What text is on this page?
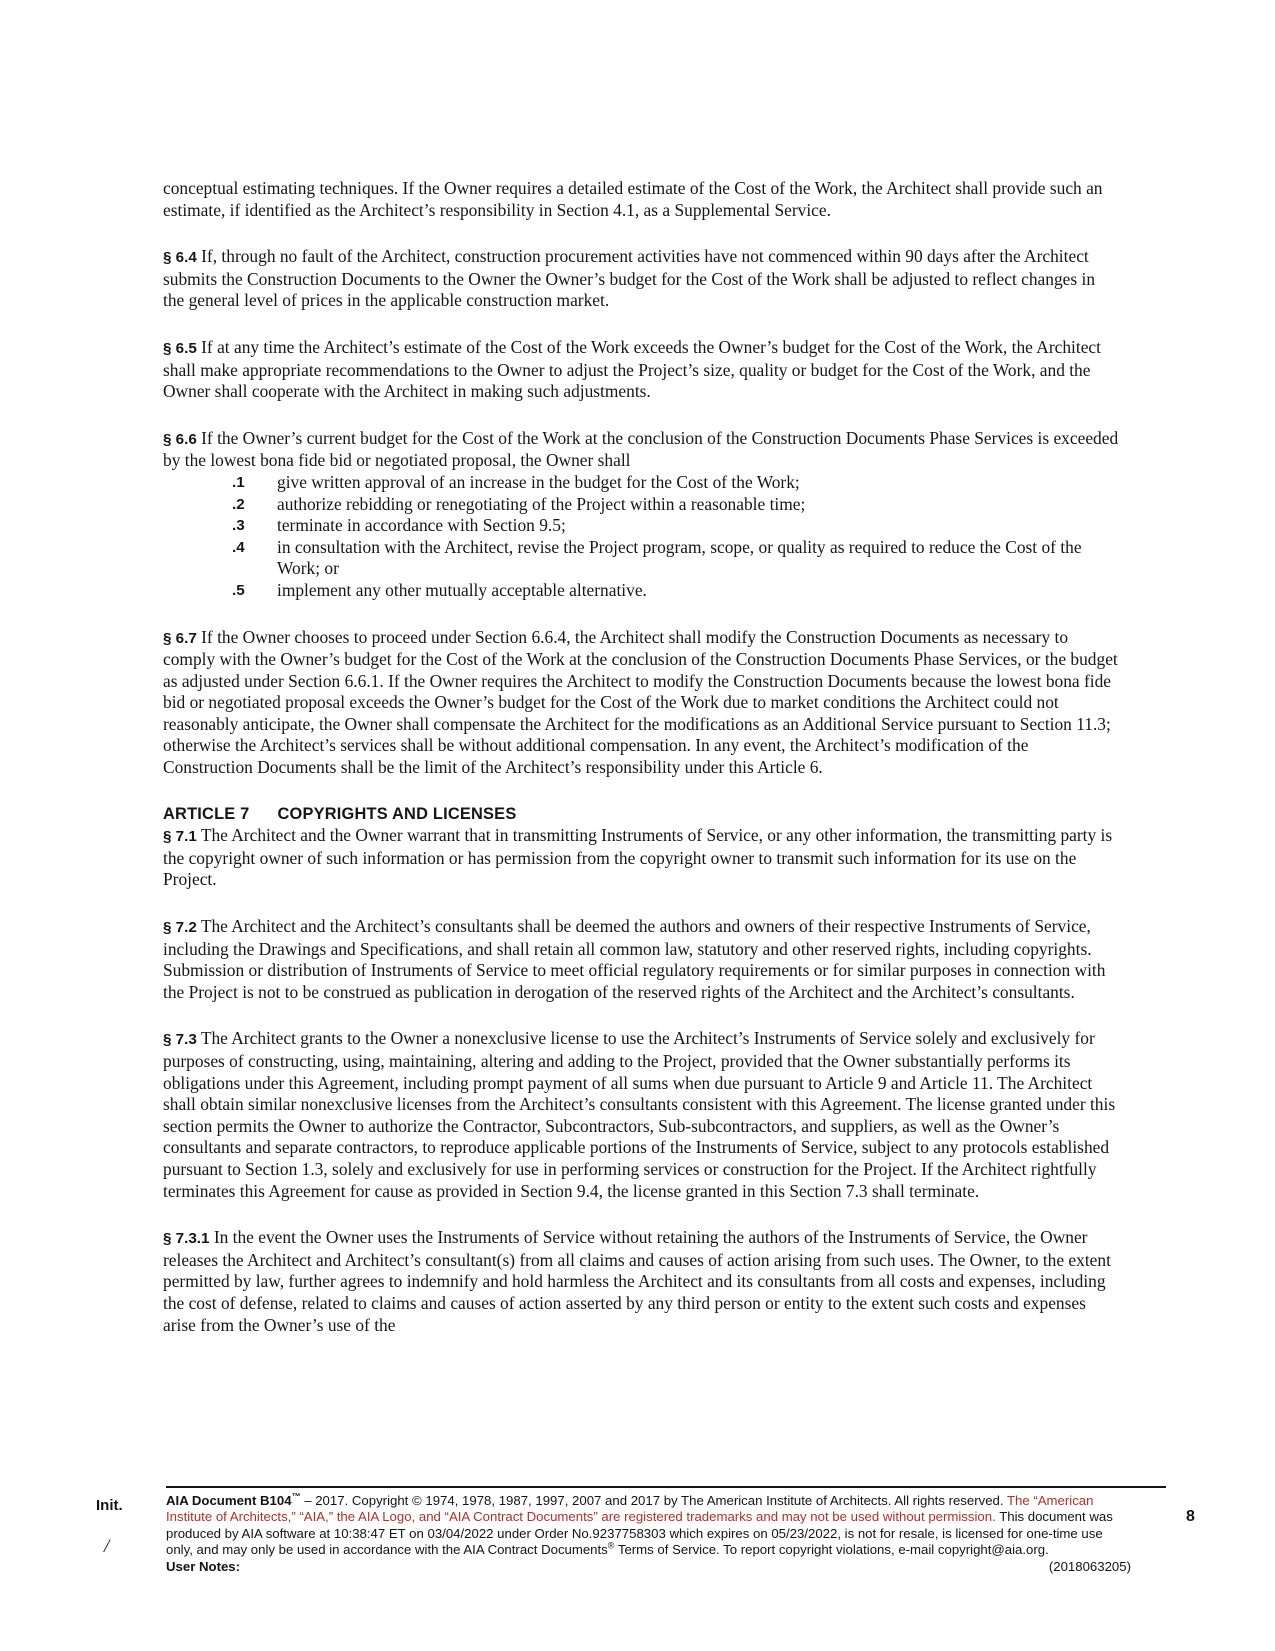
conceptual estimating techniques. If the Owner requires a detailed estimate of the Cost of the Work, the Architect shall provide such an estimate, if identified as the Architect’s responsibility in Section 4.1, as a Supplemental Service.

§ 6.4 If, through no fault of the Architect, construction procurement activities have not commenced within 90 days after the Architect submits the Construction Documents to the Owner the Owner’s budget for the Cost of the Work shall be adjusted to reflect changes in the general level of prices in the applicable construction market.

§ 6.5 If at any time the Architect’s estimate of the Cost of the Work exceeds the Owner’s budget for the Cost of the Work, the Architect shall make appropriate recommendations to the Owner to adjust the Project’s size, quality or budget for the Cost of the Work, and the Owner shall cooperate with the Architect in making such adjustments.

§ 6.6 If the Owner’s current budget for the Cost of the Work at the conclusion of the Construction Documents Phase Services is exceeded by the lowest bona fide bid or negotiated proposal, the Owner shall

.1	give written approval of an increase in the budget for the Cost of the Work;
.2	authorize rebidding or renegotiating of the Project within a reasonable time;
.3	terminate in accordance with Section 9.5;
.4	in consultation with the Architect, revise the Project program, scope, or quality as required to reduce the Cost of the Work; or
.5	implement any other mutually acceptable alternative.

§ 6.7 If the Owner chooses to proceed under Section 6.6.4, the Architect shall modify the Construction Documents as necessary to comply with the Owner’s budget for the Cost of the Work at the conclusion of the Construction Documents Phase Services, or the budget as adjusted under Section 6.6.1. If the Owner requires the Architect to modify the Construction Documents because the lowest bona fide bid or negotiated proposal exceeds the Owner’s budget for the Cost of the Work due to market conditions the Architect could not reasonably anticipate, the Owner shall compensate the Architect for the modifications as an Additional Service pursuant to Section 11.3; otherwise the Architect’s services shall be without additional compensation. In any event, the Architect’s modification of the Construction Documents shall be the limit of the Architect’s responsibility under this Article 6.

ARTICLE 7 COPYRIGHTS AND LICENSES

§ 7.1 The Architect and the Owner warrant that in transmitting Instruments of Service, or any other information, the transmitting party is the copyright owner of such information or has permission from the copyright owner to transmit such information for its use on the Project.

§ 7.2 The Architect and the Architect’s consultants shall be deemed the authors and owners of their respective Instruments of Service, including the Drawings and Specifications, and shall retain all common law, statutory and other reserved rights, including copyrights. Submission or distribution of Instruments of Service to meet official regulatory requirements or for similar purposes in connection with the Project is not to be construed as publication in derogation of the reserved rights of the Architect and the Architect’s consultants.

§ 7.3 The Architect grants to the Owner a nonexclusive license to use the Architect’s Instruments of Service solely and exclusively for purposes of constructing, using, maintaining, altering and adding to the Project, provided that the Owner substantially performs its obligations under this Agreement, including prompt payment of all sums when due pursuant to Article 9 and Article 11. The Architect shall obtain similar nonexclusive licenses from the Architect’s consultants consistent with this Agreement. The license granted under this section permits the Owner to authorize the Contractor, Subcontractors, Sub-subcontractors, and suppliers, as well as the Owner’s consultants and separate contractors, to reproduce applicable portions of the Instruments of Service, subject to any protocols established pursuant to Section 1.3, solely and exclusively for use in performing services or construction for the Project. If the Architect rightfully terminates this Agreement for cause as provided in Section 9.4, the license granted in this Section 7.3 shall terminate.

§ 7.3.1 In the event the Owner uses the Instruments of Service without retaining the authors of the Instruments of Service, the Owner releases the Architect and Architect’s consultant(s) from all claims and causes of action arising from such uses. The Owner, to the extent permitted by law, further agrees to indemnify and hold harmless the Architect and its consultants from all costs and expenses, including the cost of defense, related to claims and causes of action asserted by any third person or entity to the extent such costs and expenses arise from the Owner’s use of the

Init.
/

AIA Document B104™ – 2017. Copyright © 1974, 1978, 1987, 1997, 2007 and 2017 by The American Institute of Architects. All rights reserved. The “American Institute of Architects,” “AIA,” the AIA Logo, and “AIA Contract Documents” are registered trademarks and may not be used without permission. This document was produced by AIA software at 10:38:47 ET on 03/04/2022 under Order No.9237758303 which expires on 05/23/2022, is not for resale, is licensed for one-time use only, and may only be used in accordance with the AIA Contract Documents® Terms of Service. To report copyright violations, e-mail copyright@aia.org.

User Notes:	(2018063205)
8
